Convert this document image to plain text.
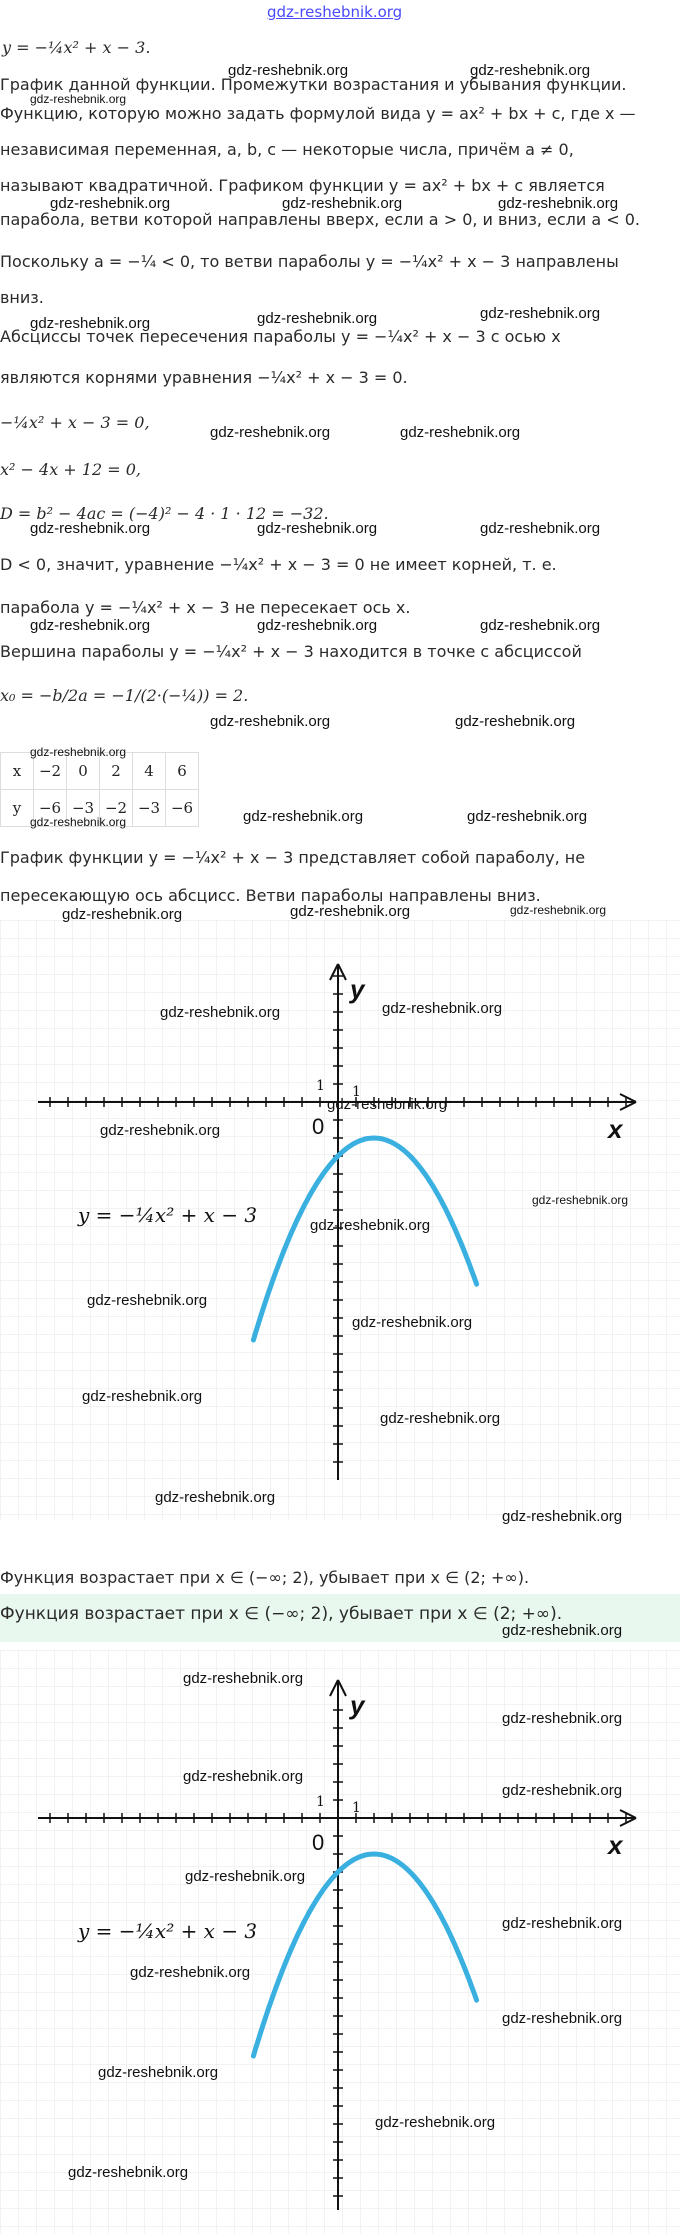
gdz-reshebnik.org
y = −¼x² + x − 3.
График данной функции. Промежутки возрастания и убывания функции.
Функцию, которую можно задать формулой вида y = ax² + bx + c, где x —
независимая переменная, a, b, c — некоторые числа, причём a ≠ 0,
называют квадратичной. Графиком функции y = ax² + bx + c является
парабола, ветви которой направлены вверх, если a > 0, и вниз, если a < 0.
Поскольку a = −¼ < 0, то ветви параболы y = −¼x² + x − 3 направлены
вниз.
Абсциссы точек пересечения параболы y = −¼x² + x − 3 с осью x
являются корнями уравнения −¼x² + x − 3 = 0.
−¼x² + x − 3 = 0,
x² − 4x + 12 = 0,
D = b² − 4ac = (−4)² − 4 · 1 · 12 = −32.
D < 0, значит, уравнение −¼x² + x − 3 = 0 не имеет корней, т. е.
парабола y = −¼x² + x − 3 не пересекает ось x.
Вершина параболы y = −¼x² + x − 3 находится в точке с абсциссой
x₀ = −b/2a = −1/(2·(−¼)) = 2.
x	−2	0	2	4	6
y	−6	−3	−2	−3	−6
График функции y = −¼x² + x − 3 представляет собой параболу, не
пересекающую ось абсцисс. Ветви параболы направлены вниз.
y
x
0
1 1
y = −¼x² + x − 3
Функция возрастает при x ∈ (−∞; 2), убывает при x ∈ (2; +∞).
Функция возрастает при x ∈ (−∞; 2), убывает при x ∈ (2; +∞).
y
x
0
1 1
y = −¼x² + x − 3
gdz-reshebnik.org	gdz-reshebnik.org
gdz-reshebnik.org
gdz-reshebnik.org	gdz-reshebnik.org	gdz-reshebnik.org
gdz-reshebnik.org	gdz-reshebnik.org	gdz-reshebnik.org
gdz-reshebnik.org	gdz-reshebnik.org
gdz-reshebnik.org	gdz-reshebnik.org	gdz-reshebnik.org
gdz-reshebnik.org	gdz-reshebnik.org	gdz-reshebnik.org
gdz-reshebnik.org	gdz-reshebnik.org
gdz-reshebnik.org
gdz-reshebnik.org	gdz-reshebnik.org	gdz-reshebnik.org
gdz-reshebnik.org	gdz-reshebnik.org	gdz-reshebnik.org
gdz-reshebnik.org	gdz-reshebnik.org
gdz-reshebnik.org
gdz-reshebnik.org
gdz-reshebnik.org
gdz-reshebnik.org
gdz-reshebnik.org
gdz-reshebnik.org
gdz-reshebnik.org
gdz-reshebnik.org
gdz-reshebnik.org
gdz-reshebnik.org
gdz-reshebnik.org
gdz-reshebnik.org
gdz-reshebnik.org
gdz-reshebnik.org
gdz-reshebnik.org
gdz-reshebnik.org
gdz-reshebnik.org
gdz-reshebnik.org
gdz-reshebnik.org
gdz-reshebnik.org
gdz-reshebnik.org
gdz-reshebnik.org
